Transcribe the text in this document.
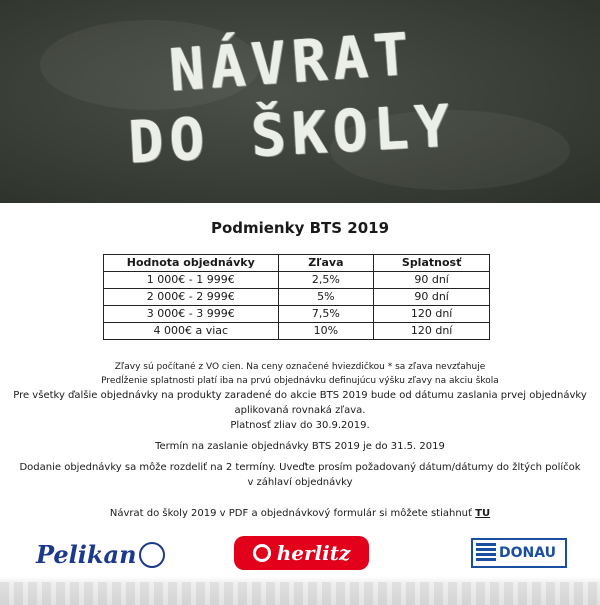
NÁVRAT
DO ŠKOLY
Podmienky BTS 2019
Hodnota objednávky	Zľava	Splatnosť
1 000€ - 1 999€	2,5%	90 dní
2 000€ - 2 999€	5%	90 dní
3 000€ - 3 999€	7,5%	120 dní
4 000€ a viac	10%	120 dní

Zľavy sú počítané z VO cien. Na ceny označené hviezdičkou * sa zľava nevzťahuje

Predĺženie splatnosti platí iba na prvú objednávku definujúcu výšku zľavy na akciu škola

Pre všetky ďalšie objednávky na produkty zaradené do akcie BTS 2019 bude od dátumu zaslania prvej objednávky

aplikovaná rovnaká zľava.

Platnosť zliav do 30.9.2019.

Termín na zaslanie objednávky BTS 2019 je do 31.5. 2019

Dodanie objednávky sa môže rozdeliť na 2 termíny. Uveďte prosím požadovaný dátum/dátumy do žltých políčok

v záhlaví objednávky

Návrat do školy 2019 v PDF a objednávkový formulár si môžete stiahnuť TU
Pelikan	herlitz	DONAU
